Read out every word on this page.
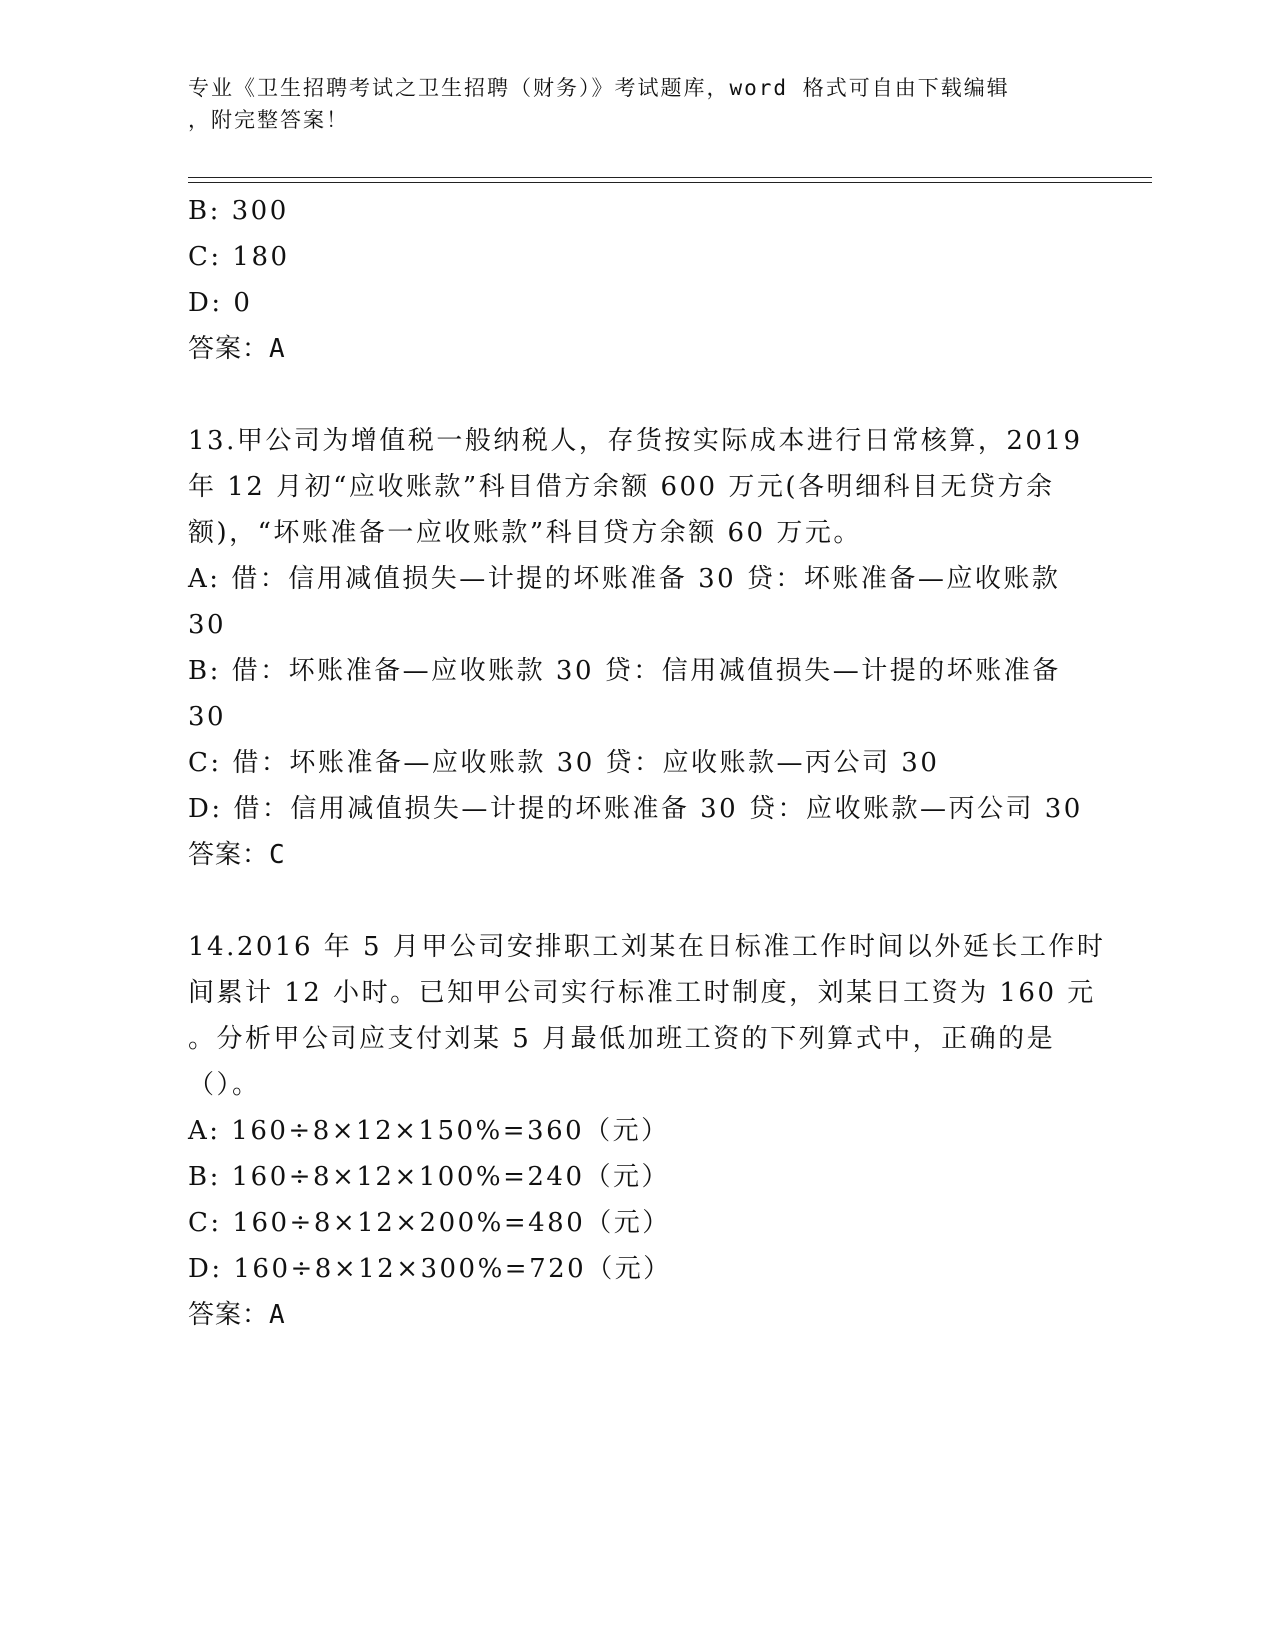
专业《卫生招聘考试之卫生招聘（财务）》考试题库，word 格式可自由下载编辑
，附完整答案！
B: 300
C: 180
D: 0
答案：A
13.甲公司为增值税一般纳税人，存货按实际成本进行日常核算，2019
年 12 月初“应收账款”科目借方余额 600 万元(各明细科目无贷方余
额)，“坏账准备一应收账款”科目贷方余额 60 万元。
A: 借：信用减值损失—计提的坏账准备 30 贷：坏账准备—应收账款
30
B: 借：坏账准备—应收账款 30 贷：信用减值损失—计提的坏账准备
30
C: 借：坏账准备—应收账款 30 贷：应收账款—丙公司 30
D: 借：信用减值损失—计提的坏账准备 30 贷：应收账款—丙公司 30
答案：C
14.2016 年 5 月甲公司安排职工刘某在日标准工作时间以外延长工作时
间累计 12 小时。已知甲公司实行标准工时制度，刘某日工资为 160 元
。分析甲公司应支付刘某 5 月最低加班工资的下列算式中，正确的是
（）。
A: 160÷8×12×150%=360（元）
B: 160÷8×12×100%=240（元）
C: 160÷8×12×200%=480（元）
D: 160÷8×12×300%=720（元）
答案：A
